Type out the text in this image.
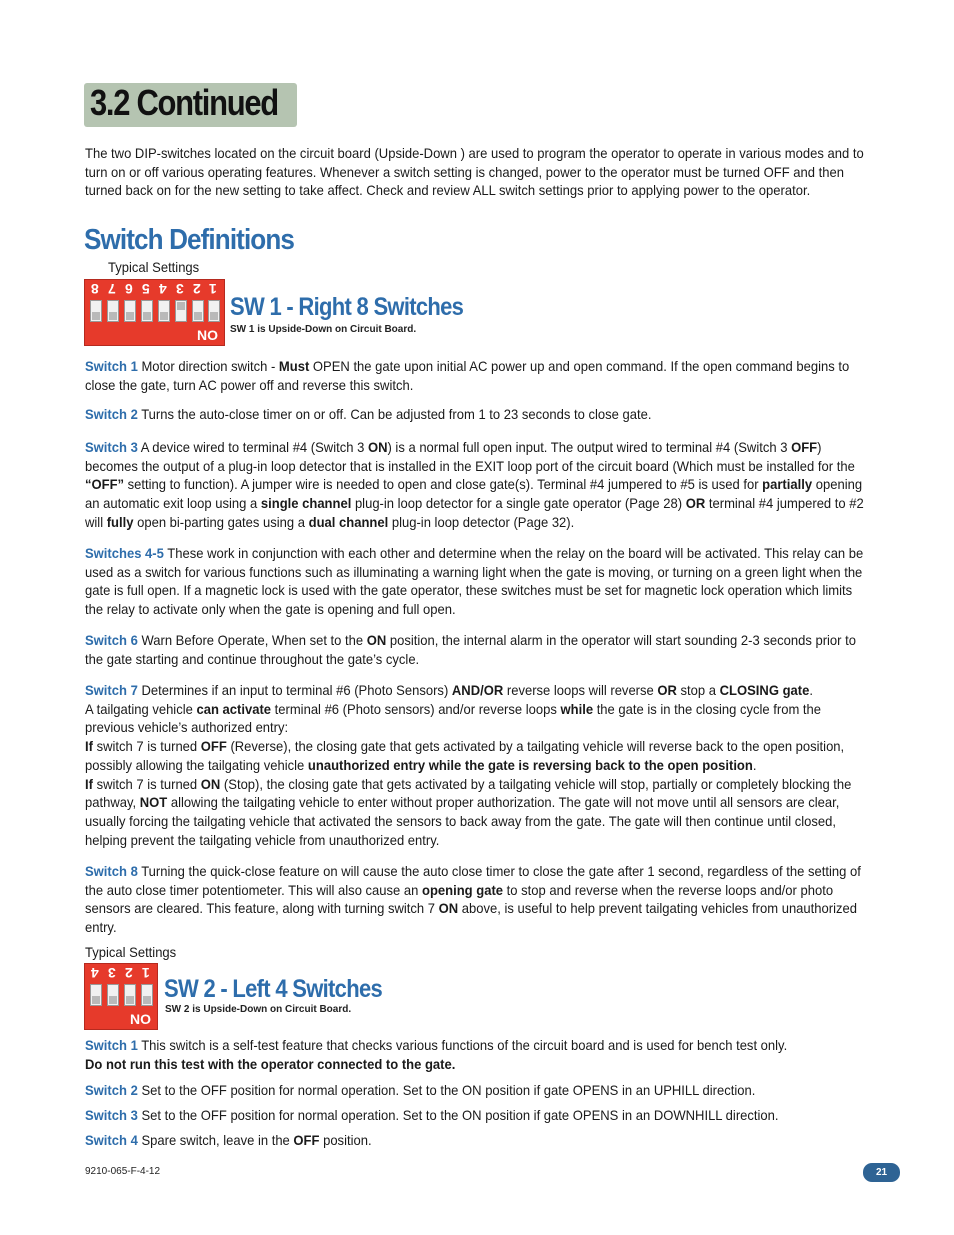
3.2 Continued
The two DIP-switches located on the circuit board (Upside-Down ) are used to program the operator to operate in various modes and to turn on or off various operating features. Whenever a switch setting is changed, power to the operator must be turned OFF and then turned back on for the new setting to take affect. Check and review ALL switch settings prior to applying power to the operator.
Switch Definitions
Typical Settings
8 7 6 5 4 3 2 1
NO
SW 1 - Right 8 Switches
SW 1 is Upside-Down on Circuit Board.
Switch 1 Motor direction switch - Must OPEN the gate upon initial AC power up and open command. If the open command begins to close the gate, turn AC power off and reverse this switch.
Switch 2 Turns the auto-close timer on or off. Can be adjusted from 1 to 23 seconds to close gate.
Switch 3 A device wired to terminal #4 (Switch 3 ON) is a normal full open input. The output wired to terminal #4 (Switch 3 OFF) becomes the output of a plug-in loop detector that is installed in the EXIT loop port of the circuit board (Which must be installed for the “OFF” setting to function). A jumper wire is needed to open and close gate(s). Terminal #4 jumpered to #5 is used for partially opening an automatic exit loop using a single channel plug-in loop detector for a single gate operator (Page 28) OR terminal #4 jumpered to #2 will fully open bi-parting gates using a dual channel plug-in loop detector (Page 32).
Switches 4-5 These work in conjunction with each other and determine when the relay on the board will be activated. This relay can be used as a switch for various functions such as illuminating a warning light when the gate is moving, or turning on a green light when the gate is full open. If a magnetic lock is used with the gate operator, these switches must be set for magnetic lock operation which limits the relay to activate only when the gate is opening and full open.
Switch 6 Warn Before Operate, When set to the ON position, the internal alarm in the operator will start sounding 2-3 seconds prior to the gate starting and continue throughout the gate’s cycle.
Switch 7 Determines if an input to terminal #6 (Photo Sensors) AND/OR reverse loops will reverse OR stop a CLOSING gate.
A tailgating vehicle can activate terminal #6 (Photo sensors) and/or reverse loops while the gate is in the closing cycle from the previous vehicle’s authorized entry:
If switch 7 is turned OFF (Reverse), the closing gate that gets activated by a tailgating vehicle will reverse back to the open position, possibly allowing the tailgating vehicle unauthorized entry while the gate is reversing back to the open position.
If switch 7 is turned ON (Stop), the closing gate that gets activated by a tailgating vehicle will stop, partially or completely blocking the pathway, NOT allowing the tailgating vehicle to enter without proper authorization. The gate will not move until all sensors are clear, usually forcing the tailgating vehicle that activated the sensors to back away from the gate. The gate will then continue until closed, helping prevent the tailgating vehicle from unauthorized entry.
Switch 8 Turning the quick-close feature on will cause the auto close timer to close the gate after 1 second, regardless of the setting of the auto close timer potentiometer. This will also cause an opening gate to stop and reverse when the reverse loops and/or photo sensors are cleared. This feature, along with turning switch 7 ON above, is useful to help prevent tailgating vehicles from unauthorized entry.
Typical Settings
4 3 2 1
NO
SW 2 - Left 4 Switches
SW 2 is Upside-Down on Circuit Board.
Switch 1 This switch is a self-test feature that checks various functions of the circuit board and is used for bench test only.
Do not run this test with the operator connected to the gate.
Switch 2 Set to the OFF position for normal operation. Set to the ON position if gate OPENS in an UPHILL direction.
Switch 3 Set to the OFF position for normal operation. Set to the ON position if gate OPENS in an DOWNHILL direction.
Switch 4 Spare switch, leave in the OFF position.
9210-065-F-4-12	21
